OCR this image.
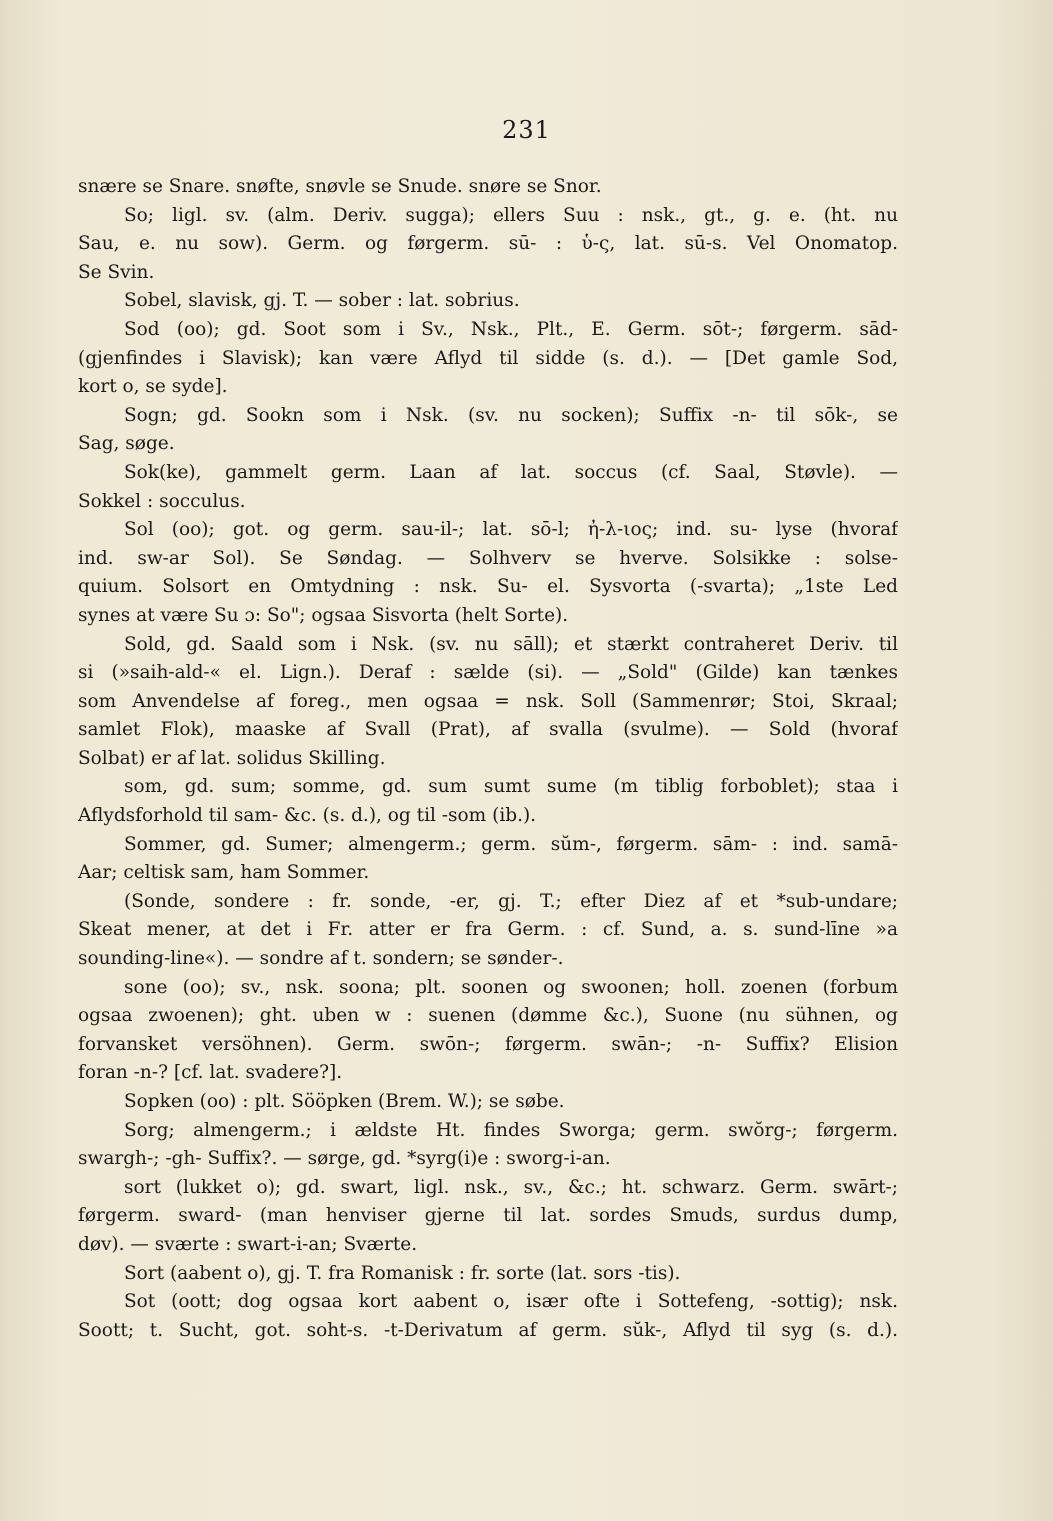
231
snære se Snare. snøfte, snøvle se Snude. snøre se Snor.
So; ligl. sv. (alm. Deriv. sugga); ellers Suu : nsk., gt., g. e. (ht. nu
Sau, e. nu sow). Germ. og førgerm. sū- : ὑ-ς, lat. sū-s. Vel Onomatop.
Se Svin.
Sobel, slavisk, gj. T. — sober : lat. sobrius.
Sod (oo); gd. Soot som i Sv., Nsk., Plt., E. Germ. sōt-; førgerm. sād-
(gjenfindes i Slavisk); kan være Aflyd til sidde (s. d.). — [Det gamle Sod,
kort o, se syde].
Sogn; gd. Sookn som i Nsk. (sv. nu socken); Suffix -n- til sōk-, se
Sag, søge.
Sok(ke), gammelt germ. Laan af lat. soccus (cf. Saal, Støvle). —
Sokkel : socculus.
Sol (oo); got. og germ. sau-il-; lat. sō-l; ἠ-λ-ιος; ind. su- lyse (hvoraf
ind. sw-ar Sol). Se Søndag. — Solhverv se hverve. Solsikke : solse-
quium. Solsort en Omtydning : nsk. Su- el. Sysvorta (-svarta); „1ste Led
synes at være Su ɔ: So"; ogsaa Sisvorta (helt Sorte).
Sold, gd. Saald som i Nsk. (sv. nu sāll); et stærkt contraheret Deriv. til
si (»saih-ald-« el. Lign.). Deraf : sælde (si). — „Sold" (Gilde) kan tænkes
som Anvendelse af foreg., men ogsaa = nsk. Soll (Sammenrør; Stoi, Skraal;
samlet Flok), maaske af Svall (Prat), af svalla (svulme). — Sold (hvoraf
Solbat) er af lat. solidus Skilling.
som, gd. sum; somme, gd. sum sumt sume (m tiblig forboblet); staa i
Aflydsforhold til sam- &c. (s. d.), og til -som (ib.).
Sommer, gd. Sumer; almengerm.; germ. sŭm-, førgerm. sām- : ind. samā-
Aar; celtisk sam, ham Sommer.
(Sonde, sondere : fr. sonde, -er, gj. T.; efter Diez af et *sub-undare;
Skeat mener, at det i Fr. atter er fra Germ. : cf. Sund, a. s. sund-līne »a
sounding-line«). — sondre af t. sondern; se sønder-.
sone (oo); sv., nsk. soona; plt. soonen og swoonen; holl. zoenen (forbum
ogsaa zwoenen); ght. uben w : suenen (dømme &c.), Suone (nu sühnen, og
forvansket versöhnen). Germ. swōn-; førgerm. swān-; -n- Suffix? Elision
foran -n-? [cf. lat. svadere?].
Sopken (oo) : plt. Sööpken (Brem. W.); se søbe.
Sorg; almengerm.; i ældste Ht. findes Sworga; germ. swŏrg-; førgerm.
swargh-; -gh- Suffix?. — sørge, gd. *syrg(i)e : sworg-i-an.
sort (lukket o); gd. swart, ligl. nsk., sv., &c.; ht. schwarz. Germ. swārt-;
førgerm. sward- (man henviser gjerne til lat. sordes Smuds, surdus dump,
døv). — sværte : swart-i-an; Sværte.
Sort (aabent o), gj. T. fra Romanisk : fr. sorte (lat. sors -tis).
Sot (oott; dog ogsaa kort aabent o, især ofte i Sottefeng, -sottig); nsk.
Soott; t. Sucht, got. soht-s. -t-Derivatum af germ. sŭk-, Aflyd til syg (s. d.).
